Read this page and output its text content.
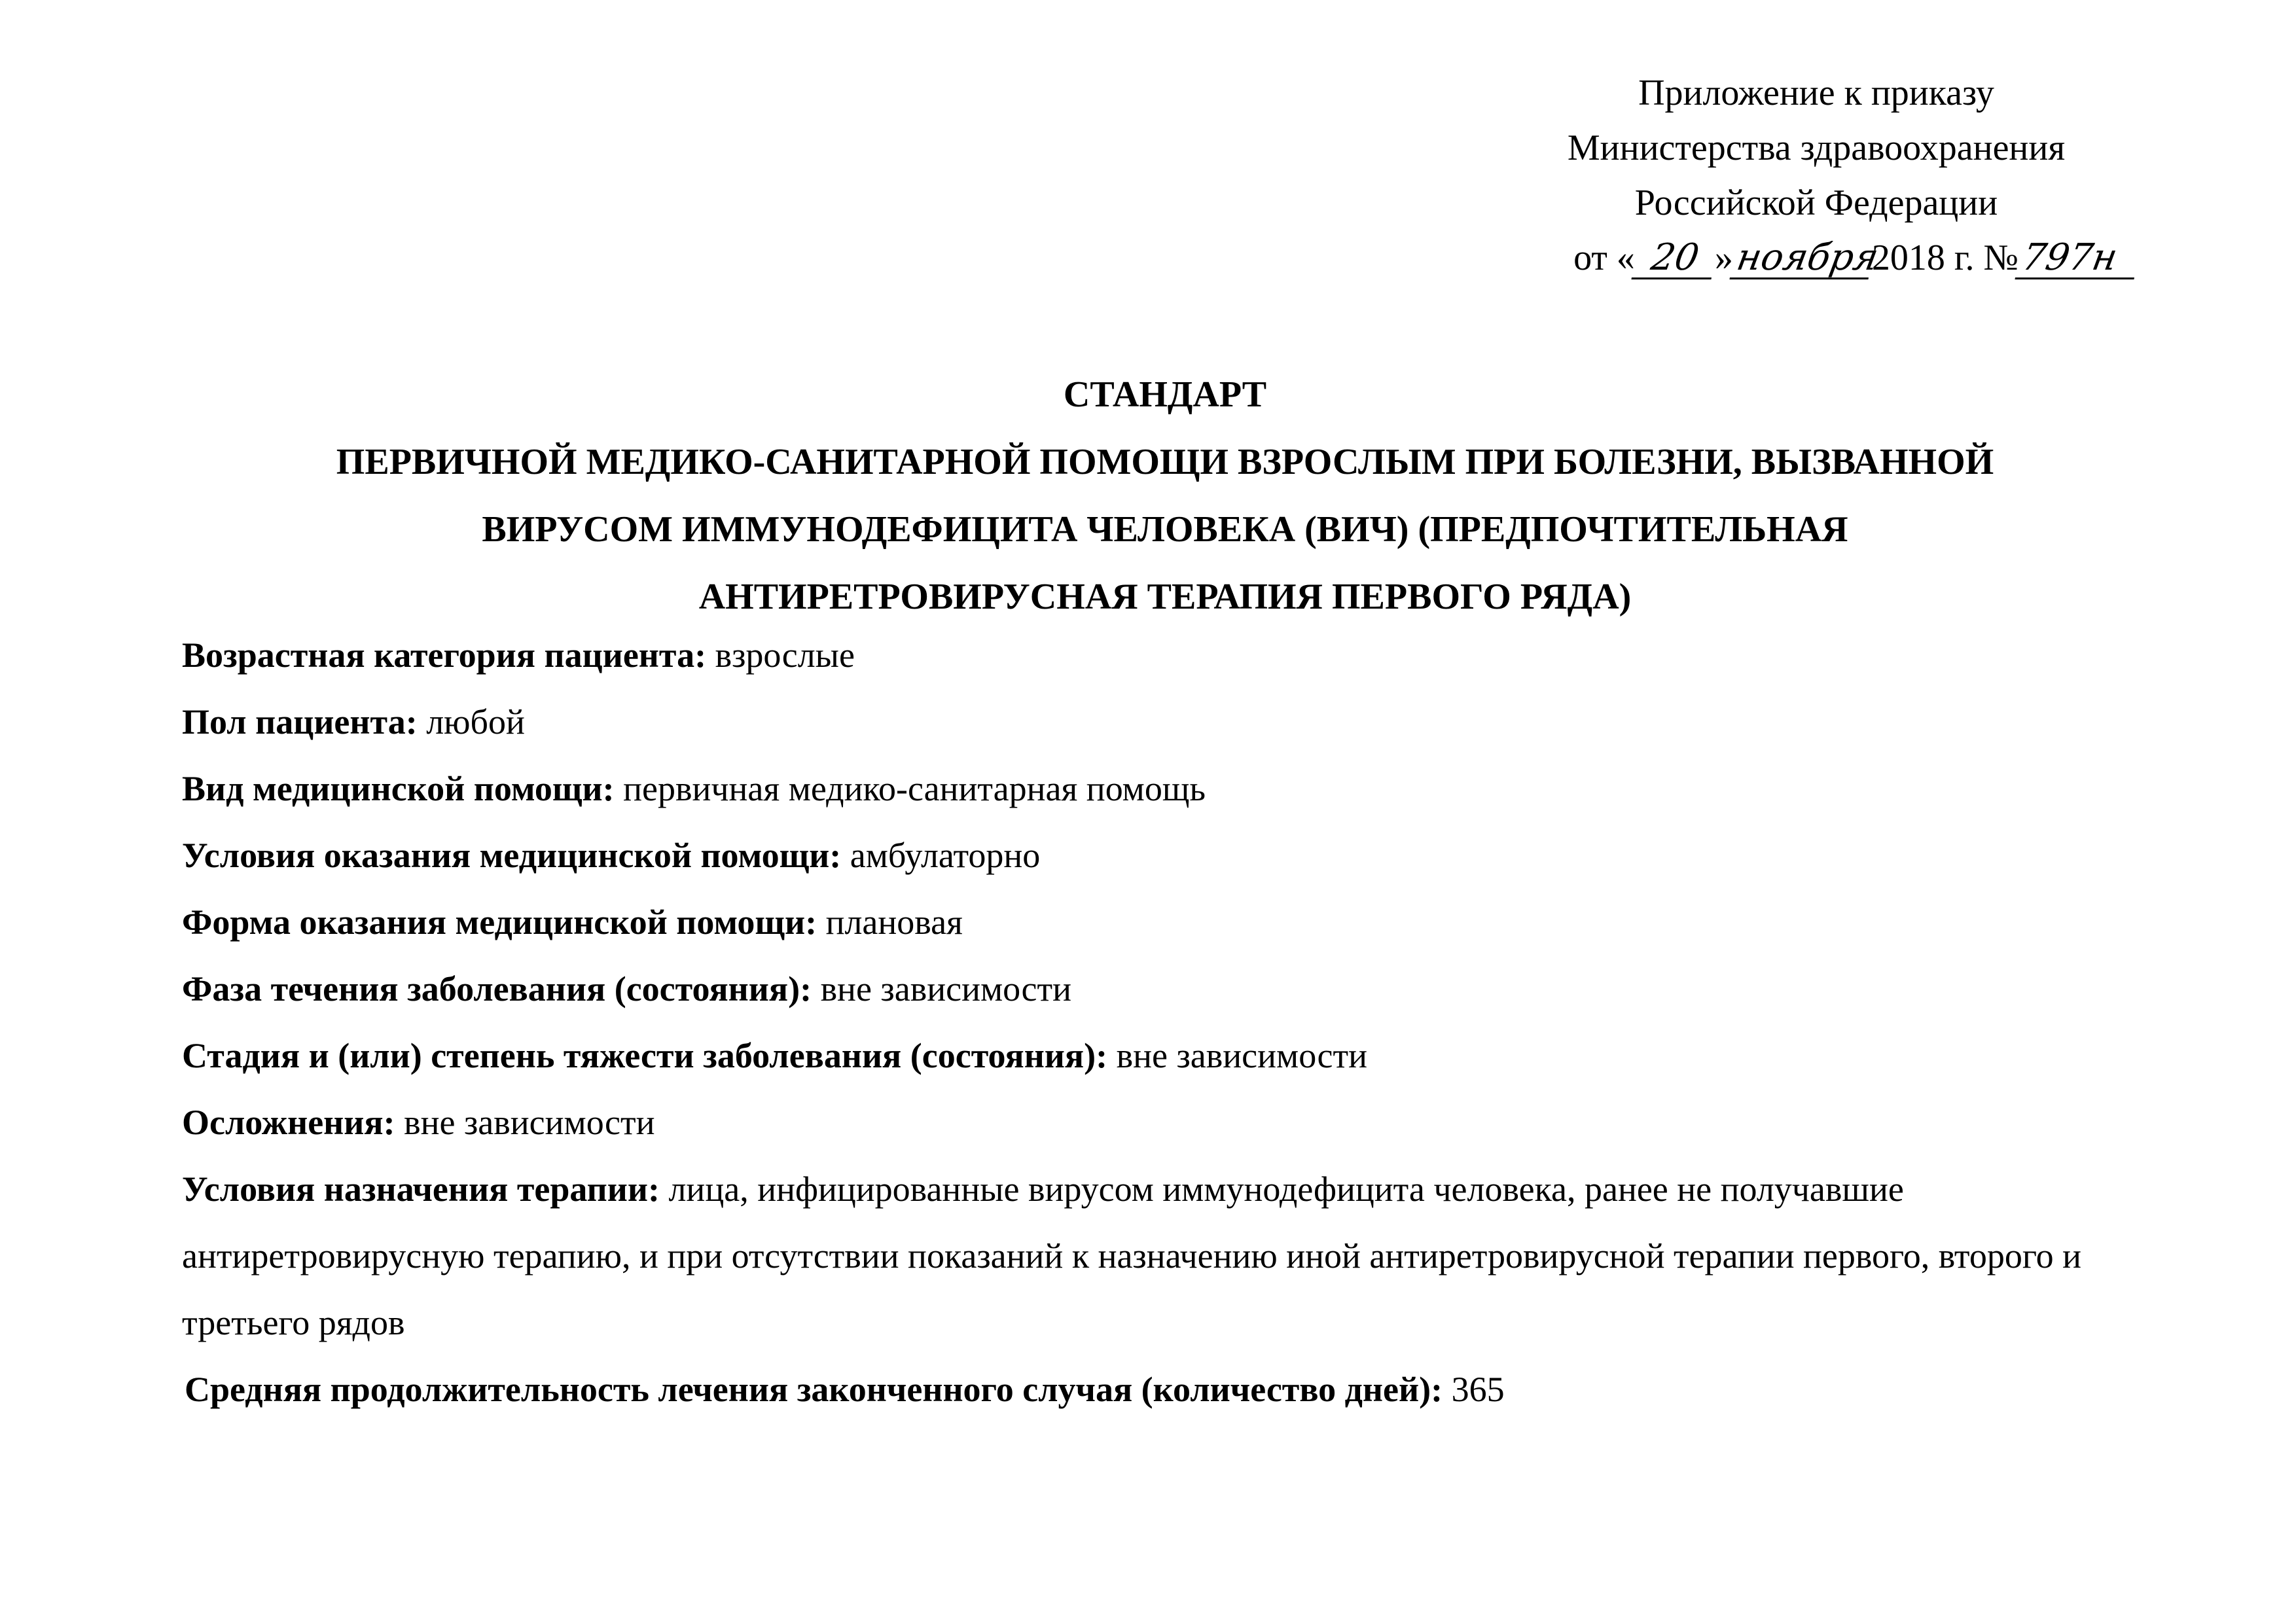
Приложение к приказу
Министерства здравоохранения
Российской Федерации
от « 20 »ноября2018 г. №797н
СТАНДАРТ
ПЕРВИЧНОЙ МЕДИКО-САНИТАРНОЙ ПОМОЩИ ВЗРОСЛЫМ ПРИ БОЛЕЗНИ, ВЫЗВАННОЙ
ВИРУСОМ ИММУНОДЕФИЦИТА ЧЕЛОВЕКА (ВИЧ) (ПРЕДПОЧТИТЕЛЬНАЯ
АНТИРЕТРОВИРУСНАЯ ТЕРАПИЯ ПЕРВОГО РЯДА)
Возрастная категория пациента: взрослые
Пол пациента: любой
Вид медицинской помощи: первичная медико-санитарная помощь
Условия оказания медицинской помощи: амбулаторно
Форма оказания медицинской помощи: плановая
Фаза течения заболевания (состояния): вне зависимости
Стадия и (или) степень тяжести заболевания (состояния): вне зависимости
Осложнения: вне зависимости
Условия назначения терапии: лица, инфицированные вирусом иммунодефицита человека, ранее не получавшие антиретровирусную терапию, и при отсутствии показаний к назначению иной антиретровирусной терапии первого, второго и третьего рядов
Средняя продолжительность лечения законченного случая (количество дней): 365
